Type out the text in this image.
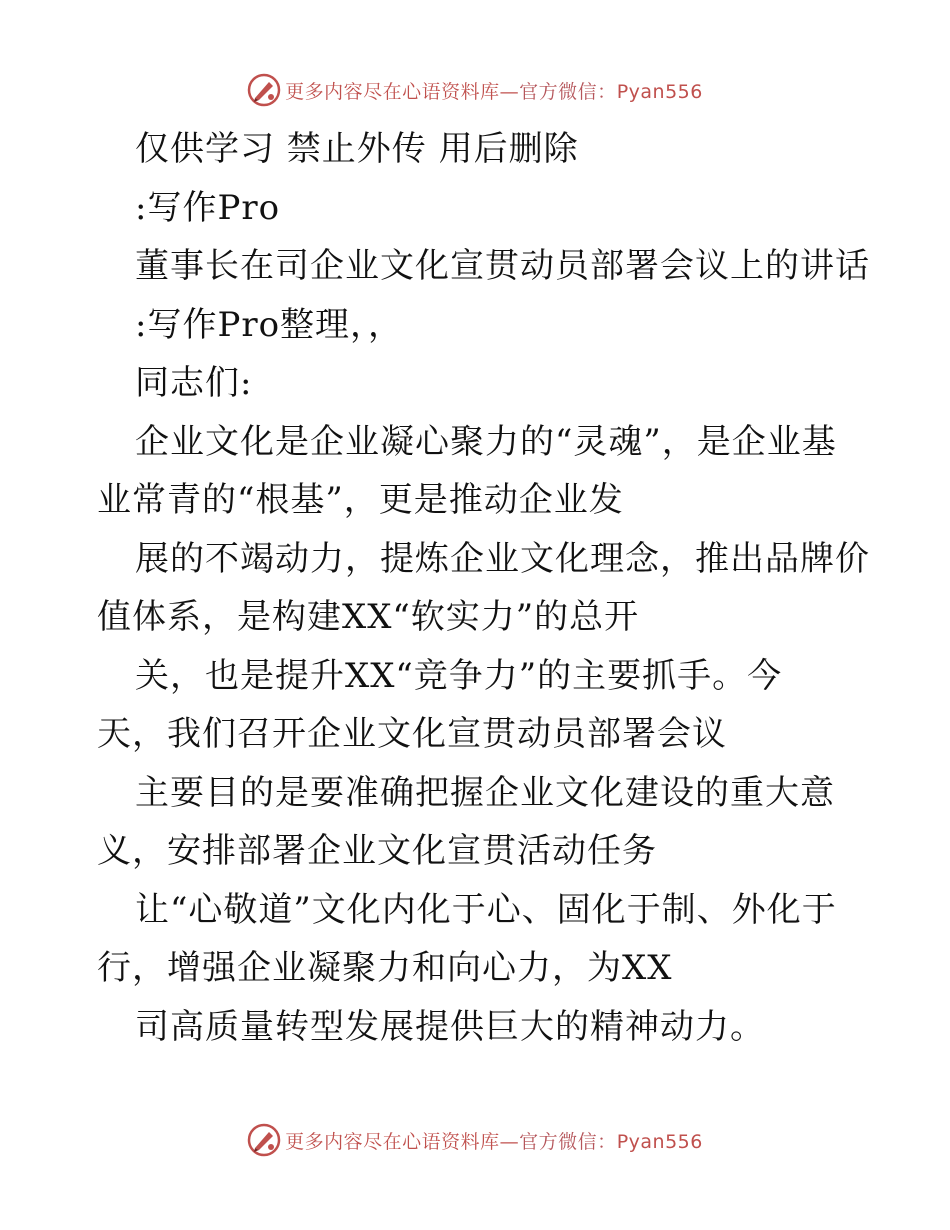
更多内容尽在心语资料库—官方微信：Pyan556
仅供学习 禁止外传 用后删除
:写作Pro
董事长在司企业文化宣贯动员部署会议上的讲话
:写作Pro整理，，
同志们:
企业文化是企业凝心聚力的“灵魂”，是企业基
业常青的“根基”，更是推动企业发
展的不竭动力，提炼企业文化理念，推出品牌价
值体系，是构建XX“软实力”的总开
关，也是提升XX“竞争力”的主要抓手。今
天，我们召开企业文化宣贯动员部署会议
主要目的是要准确把握企业文化建设的重大意
义，安排部署企业文化宣贯活动任务
让“心敬道”文化内化于心、固化于制、外化于
行，增强企业凝聚力和向心力，为XX
司高质量转型发展提供巨大的精神动力。
更多内容尽在心语资料库—官方微信：Pyan556
